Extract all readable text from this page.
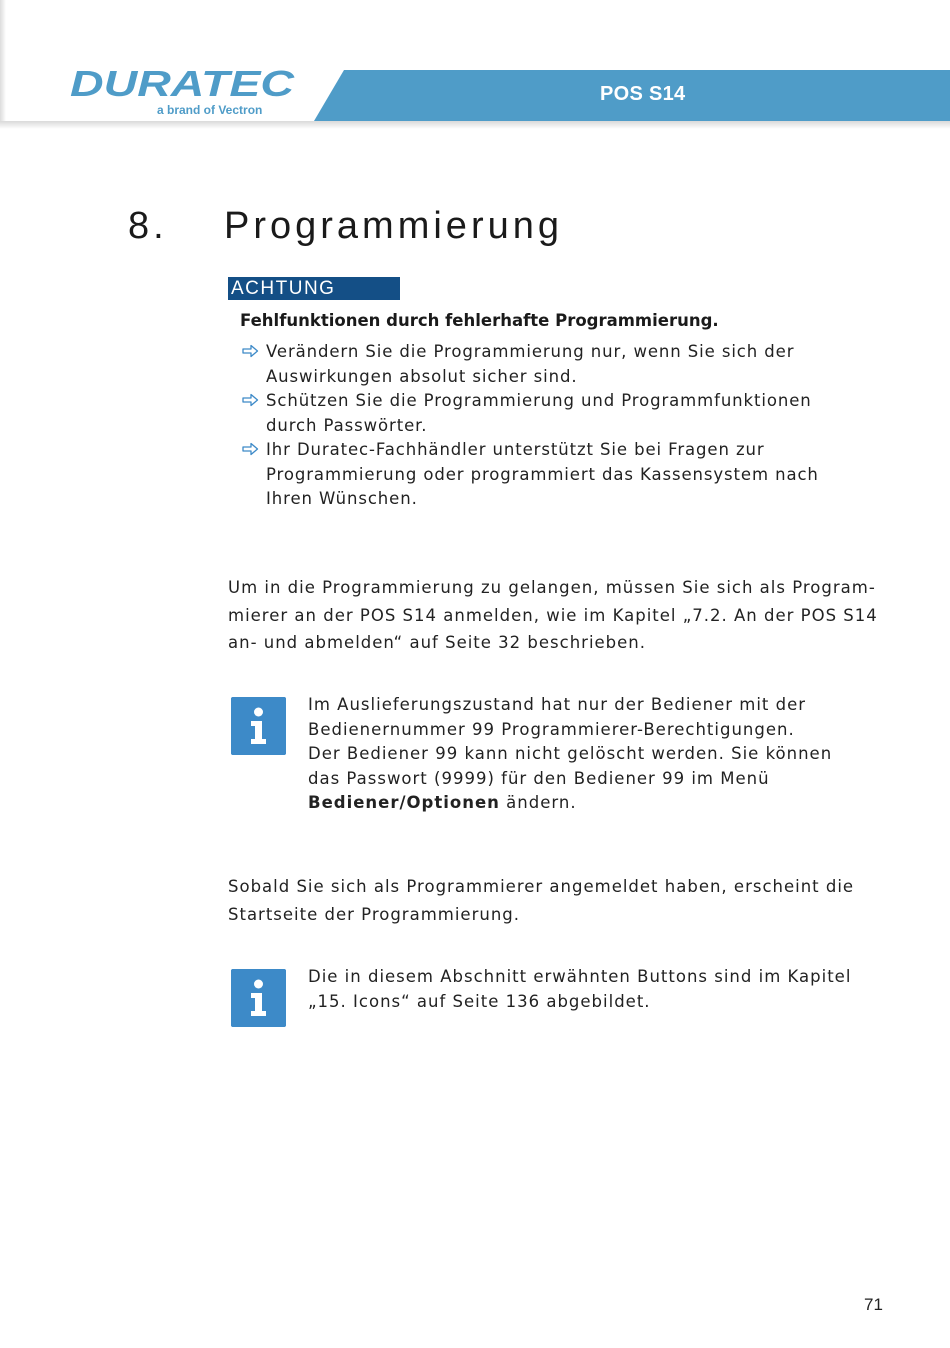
POS S14
DURATEC
a brand of Vectron
8. Programmierung
ACHTUNG
Fehlfunktionen durch fehlerhafte Programmierung.
Verändern Sie die Programmierung nur, wenn Sie sich der
Auswirkungen absolut sicher sind.
Schützen Sie die Programmierung und Programmfunktionen
durch Passwörter.
Ihr Duratec-Fachhändler unterstützt Sie bei Fragen zur
Programmierung oder programmiert das Kassensystem nach
Ihren Wünschen.
Um in die Programmierung zu gelangen, müssen Sie sich als Program-
mierer an der POS S14 anmelden, wie im Kapitel „7.2. An der POS S14
an- und abmelden“ auf Seite 32 beschrieben.
Im Auslieferungszustand hat nur der Bediener mit der
Bedienernummer 99 Programmierer-Berechtigungen.
Der Bediener 99 kann nicht gelöscht werden. Sie können
das Passwort (9999) für den Bediener 99 im Menü
Bediener/Optionen ändern.
Sobald Sie sich als Programmierer angemeldet haben, erscheint die
Startseite der Programmierung.
Die in diesem Abschnitt erwähnten Buttons sind im Kapitel
„15. Icons“ auf Seite 136 abgebildet.
71
